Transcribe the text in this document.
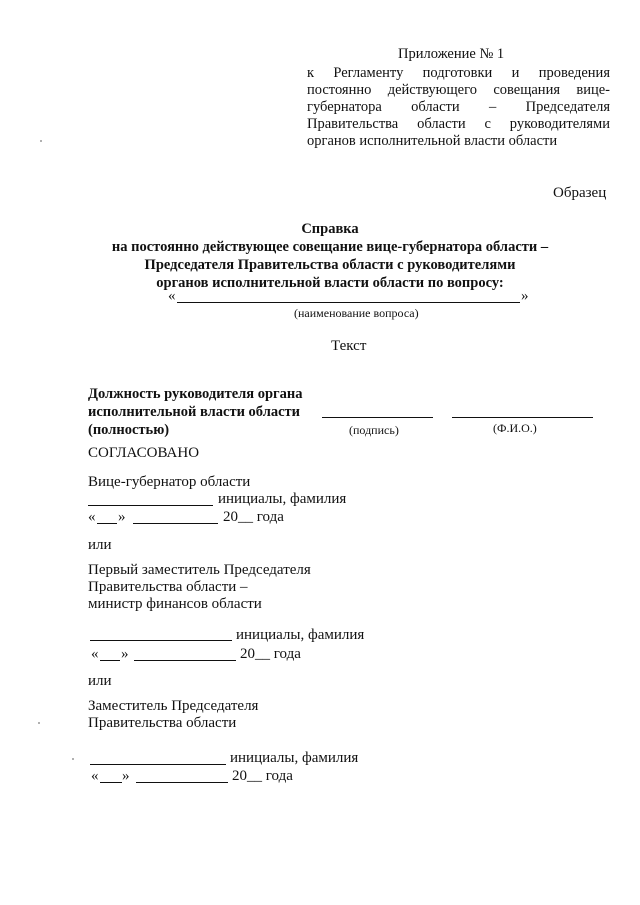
Приложение № 1
к Регламенту подготовки и проведения постоянно действующего совещания вице-губернатора области – Председателя Правительства области с руководителями органов исполнительной власти области
Образец
Справка
на постоянно действующее совещание вице-губернатора области –
Председателя Правительства области с руководителями
органов исполнительной власти области по вопросу:
«	»
(наименование вопроса)
Текст
Должность руководителя органа
исполнительной власти области
(полностью)	(подпись)	(Ф.И.О.)
СОГЛАСОВАНО
Вице-губернатор области
инициалы, фамилия
« »	20__ года
или
Первый заместитель Председателя
Правительства области –
министр финансов области
инициалы, фамилия
« »	20__ года
или
Заместитель Председателя
Правительства области
инициалы, фамилия
« »	20__ года
